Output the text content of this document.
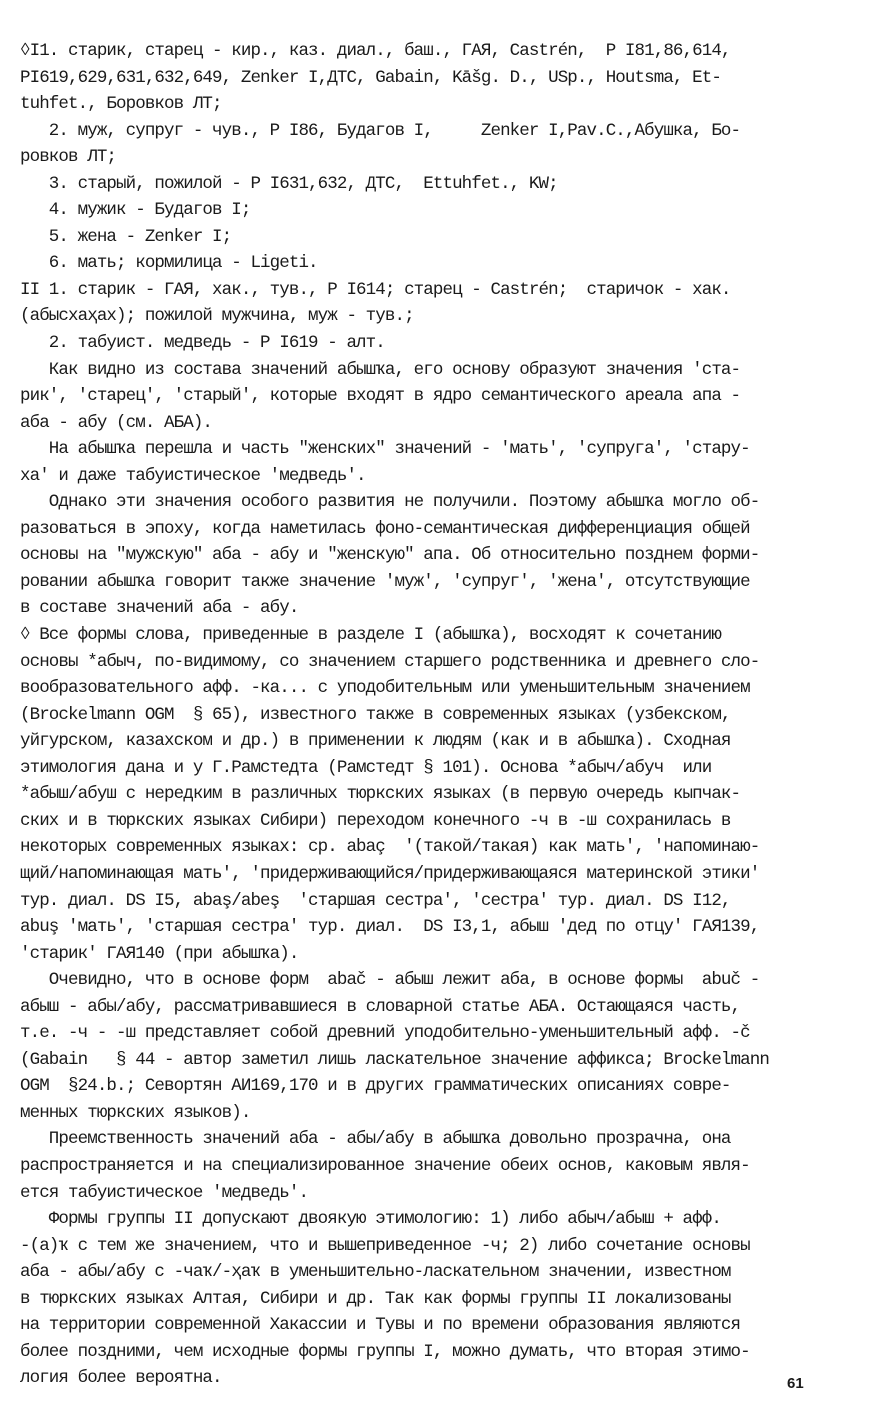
◊I1. старик, старец - кир., каз. диал., баш., ГАЯ, Castrén,  Р I81,86,614,
PI619,629,631,632,649, Zenker I,ДТС, Gabain, Kāšg. D., USp., Houtsma, Et-
tuhfet., Боровков ЛТ;
2. муж, супруг - чув., Р I86, Будагов I,     Zenker I,Pav.C.,Абушка, Бо-
ровков ЛТ;
3. старый, пожилой - Р I631,632, ДТС,  Ettuhfet., KW;
4. мужик - Будагов I;
5. жена - Zenker I;
6. мать; кормилица - Ligeti.
II 1. старик - ГАЯ, хак., тув., Р I614; старец - Castrén;  старичок - хак.
(абысхаҳах); пожилой мужчина, муж - тув.;
2. табуист. медведь - Р I619 - алт.
Как видно из состава значений абышҡа, его основу образуют значения 'ста-
рик', 'старец', 'старый', которые входят в ядро семантического ареала апа -
аба - абу (см. АБА).
На абышҡа перешла и часть "женских" значений - 'мать', 'супруга', 'стару-
ха' и даже табуистическое 'медведь'.
Однако эти значения особого развития не получили. Поэтому абышҡа могло об-
разоваться в эпоху, когда наметилась фоно-семантическая дифференциация общей
основы на "мужскую" аба - абу и "женскую" апа. Об относительно позднем форми-
ровании абышҡа говорит также значение 'муж', 'супруг', 'жена', отсутствующие
в составе значений аба - абу.
◊ Все формы слова, приведенные в разделе I (абышҡа), восходят к сочетанию
основы *абыч, по-видимому, со значением старшего родственника и древнего сло-
вообразовательного афф. -ка... с уподобительным или уменьшительным значением
(Brockelmann OGM  § 65), известного также в современных языках (узбекском,
уйгурском, казахском и др.) в применении к людям (как и в абышҡа). Сходная
этимология дана и у Г.Рамстедта (Рамстедт § 101). Основа *абыч/абуч  или
*абыш/абуш с нередким в различных тюркских языках (в первую очередь кыпчак-
ских и в тюркских языках Сибири) переходом конечного -ч в -ш сохранилась в
некоторых современных языках: ср. abaç  '(такой/такая) как мать', 'напоминаю-
щий/напоминающая мать', 'придерживающийся/придерживающаяся материнской этики'
тур. диал. DS I5, abaş/abeş  'старшая сестра', 'сестра' тур. диал. DS I12,
abuş 'мать', 'старшая сестра' тур. диал.  DS I3,1, абыш 'дед по отцу' ГАЯ139,
'старик' ГАЯ140 (при абышҡа).
Очевидно, что в основе форм  abač - абыш лежит аба, в основе формы  abuč -
абыш - абы/абу, рассматривавшиеся в словарной статье АБА. Остающаяся часть,
т.е. -ч - -ш представляет собой древний уподобительно-уменьшительный афф. -č
(Gabain   § 44 - автор заметил лишь ласкательное значение аффикса; Brockelmann
OGM  §24.b.; Севортян АИ169,170 и в других грамматических описаниях совре-
менных тюркских языков).
Преемственность значений аба - абы/абу в абышҡа довольно прозрачна, она
распространяется и на специализированное значение обеих основ, каковым явля-
ется табуистическое 'медведь'.
Формы группы II допускают двоякую этимологию: 1) либо абыч/абыш + афф.
-(а)ҡ с тем же значением, что и вышеприведенное -ч; 2) либо сочетание основы
аба - абы/абу с -чаҡ/-ҳаҡ в уменьшительно-ласкательном значении, известном
в тюркских языках Алтая, Сибири и др. Так как формы группы II локализованы
на территории современной Хакассии и Тувы и по времени образования являются
более поздними, чем исходные формы группы I, можно думать, что вторая этимо-
логия более вероятна.	61
